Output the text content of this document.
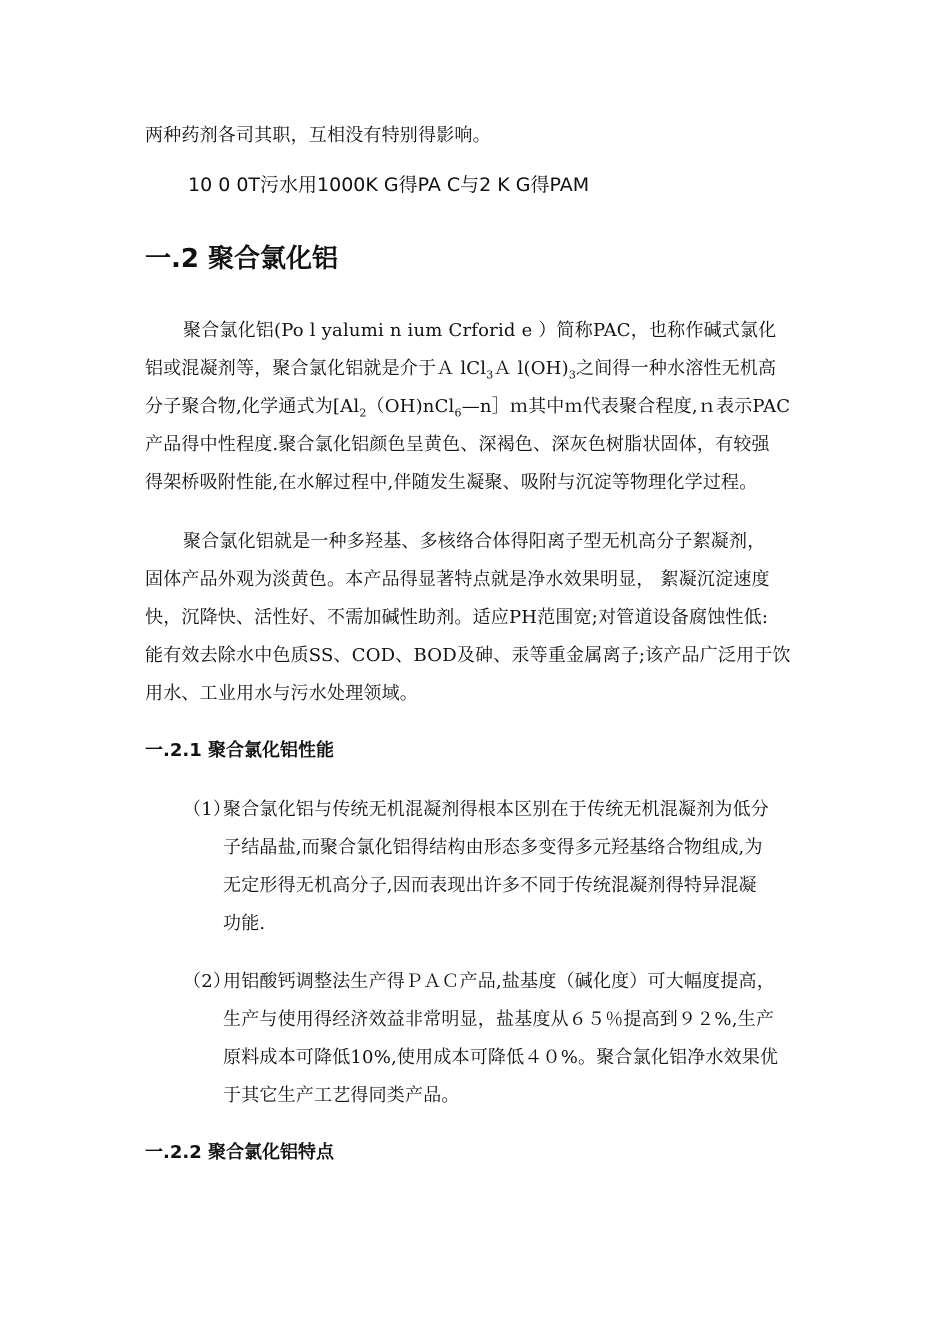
两种药剂各司其职，互相没有特别得影响。
10 0 0T污水用1000K G得PA C与2 K G得PAM
一.2 聚合氯化铝
聚合氯化铝(Po l yalumi n ium Crforid e ）简称PAC，也称作碱式氯化
铝或混凝剂等，聚合氯化铝就是介于Ａ lCl$_3$Ａ $l(OH)_3$之间得一种水溶性无机高
分子聚合物,化学通式为[$Al_2(OH)nCl_6—n]m$其中ｍ代表聚合程度,ｎ表示PAC
产品得中性程度.聚合氯化铝颜色呈黄色、深褐色、深灰色树脂状固体，有较强
得架桥吸附性能,在水解过程中,伴随发生凝聚、吸附与沉淀等物理化学过程。
聚合氯化铝就是一种多羟基、多核络合体得阳离子型无机高分子絮凝剂，
固体产品外观为淡黄色。本产品得显著特点就是净水效果明显， 絮凝沉淀速度
快，沉降快、活性好、不需加碱性助剂。适应PH范围宽;对管道设备腐蚀性低:
能有效去除水中色质SS、COD、BOD及砷、汞等重金属离子;该产品广泛用于饮
用水、工业用水与污水处理领域。
一.2.1 聚合氯化铝性能
（1）
聚合氯化铝与传统无机混凝剂得根本区别在于传统无机混凝剂为低分
子结晶盐,而聚合氯化铝得结构由形态多变得多元羟基络合物组成,为
无定形得无机高分子,因而表现出许多不同于传统混凝剂得特异混凝
功能.
（2）
用铝酸钙调整法生产得ＰＡＣ产品,盐基度（碱化度）可大幅度提高，
生产与使用得经济效益非常明显，盐基度从６５％提高到９２%,生产
原料成本可降低10%,使用成本可降低４０%。聚合氯化铝净水效果优
于其它生产工艺得同类产品。
一.2.2 聚合氯化铝特点
